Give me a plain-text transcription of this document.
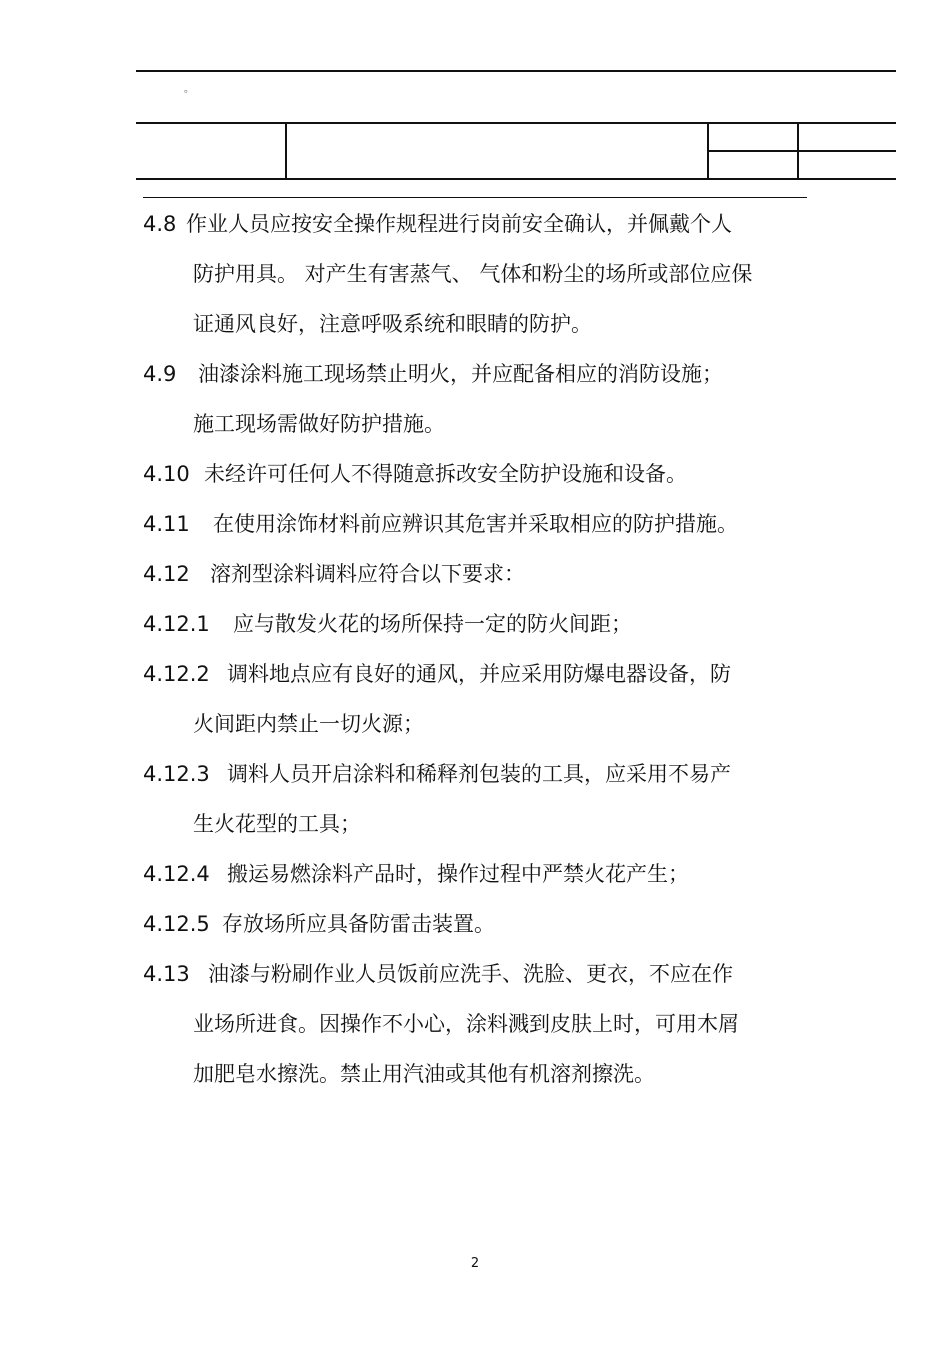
。
4.8 作业人员应按安全操作规程进行岗前安全确认，并佩戴个人
防护用具。 对产生有害蒸气、 气体和粉尘的场所或部位应保
证通风良好，注意呼吸系统和眼睛的防护。
4.9 油漆涂料施工现场禁止明火，并应配备相应的消防设施；
施工现场需做好防护措施。
4.10 未经许可任何人不得随意拆改安全防护设施和设备。
4.11 在使用涂饰材料前应辨识其危害并采取相应的防护措施。
4.12 溶剂型涂料调料应符合以下要求：
4.12.1 应与散发火花的场所保持一定的防火间距；
4.12.2 调料地点应有良好的通风，并应采用防爆电器设备，防
火间距内禁止一切火源；
4.12.3 调料人员开启涂料和稀释剂包装的工具，应采用不易产
生火花型的工具；
4.12.4 搬运易燃涂料产品时，操作过程中严禁火花产生；
4.12.5 存放场所应具备防雷击装置。
4.13 油漆与粉刷作业人员饭前应洗手、洗脸、更衣，不应在作
业场所进食。因操作不小心，涂料溅到皮肤上时，可用木屑
加肥皂水擦洗。禁止用汽油或其他有机溶剂擦洗。
2
